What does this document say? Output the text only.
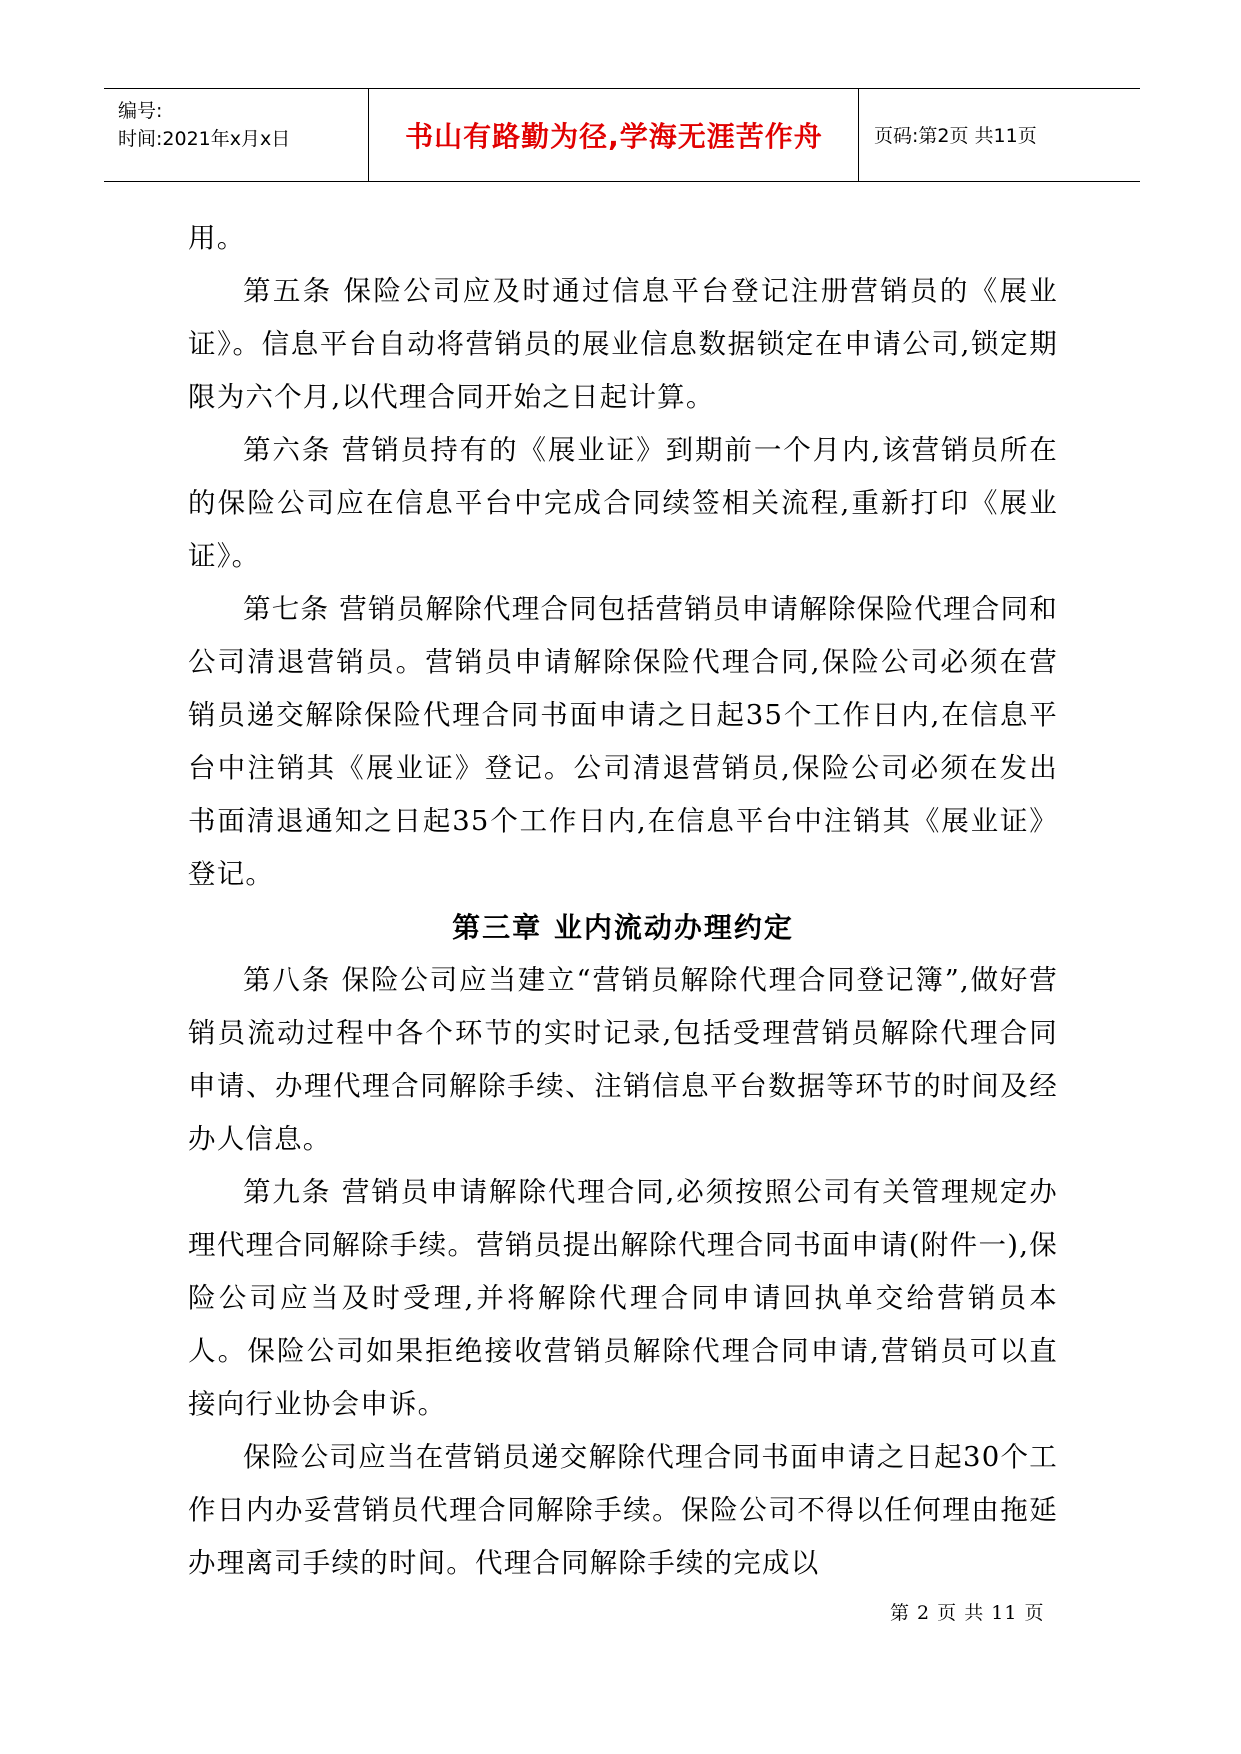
编号:
时间:2021年x月x日	书山有路勤为径,学海无涯苦作舟	页码:第2页 共11页

用。

第五条 保险公司应及时通过信息平台登记注册营销员的《展业证》。信息平台自动将营销员的展业信息数据锁定在申请公司,锁定期限为六个月,以代理合同开始之日起计算。

第六条 营销员持有的《展业证》到期前一个月内,该营销员所在的保险公司应在信息平台中完成合同续签相关流程,重新打印《展业证》。

第七条 营销员解除代理合同包括营销员申请解除保险代理合同和公司清退营销员。营销员申请解除保险代理合同,保险公司必须在营销员递交解除保险代理合同书面申请之日起35个工作日内,在信息平台中注销其《展业证》登记。公司清退营销员,保险公司必须在发出书面清退通知之日起35个工作日内,在信息平台中注销其《展业证》登记。

第三章 业内流动办理约定

第八条 保险公司应当建立“营销员解除代理合同登记簿”,做好营销员流动过程中各个环节的实时记录,包括受理营销员解除代理合同申请、办理代理合同解除手续、注销信息平台数据等环节的时间及经办人信息。

第九条 营销员申请解除代理合同,必须按照公司有关管理规定办理代理合同解除手续。营销员提出解除代理合同书面申请(附件一),保险公司应当及时受理,并将解除代理合同申请回执单交给营销员本人。保险公司如果拒绝接收营销员解除代理合同申请,营销员可以直接向行业协会申诉。

保险公司应当在营销员递交解除代理合同书面申请之日起30个工作日内办妥营销员代理合同解除手续。保险公司不得以任何理由拖延办理离司手续的时间。代理合同解除手续的完成以

第 2 页 共 11 页
